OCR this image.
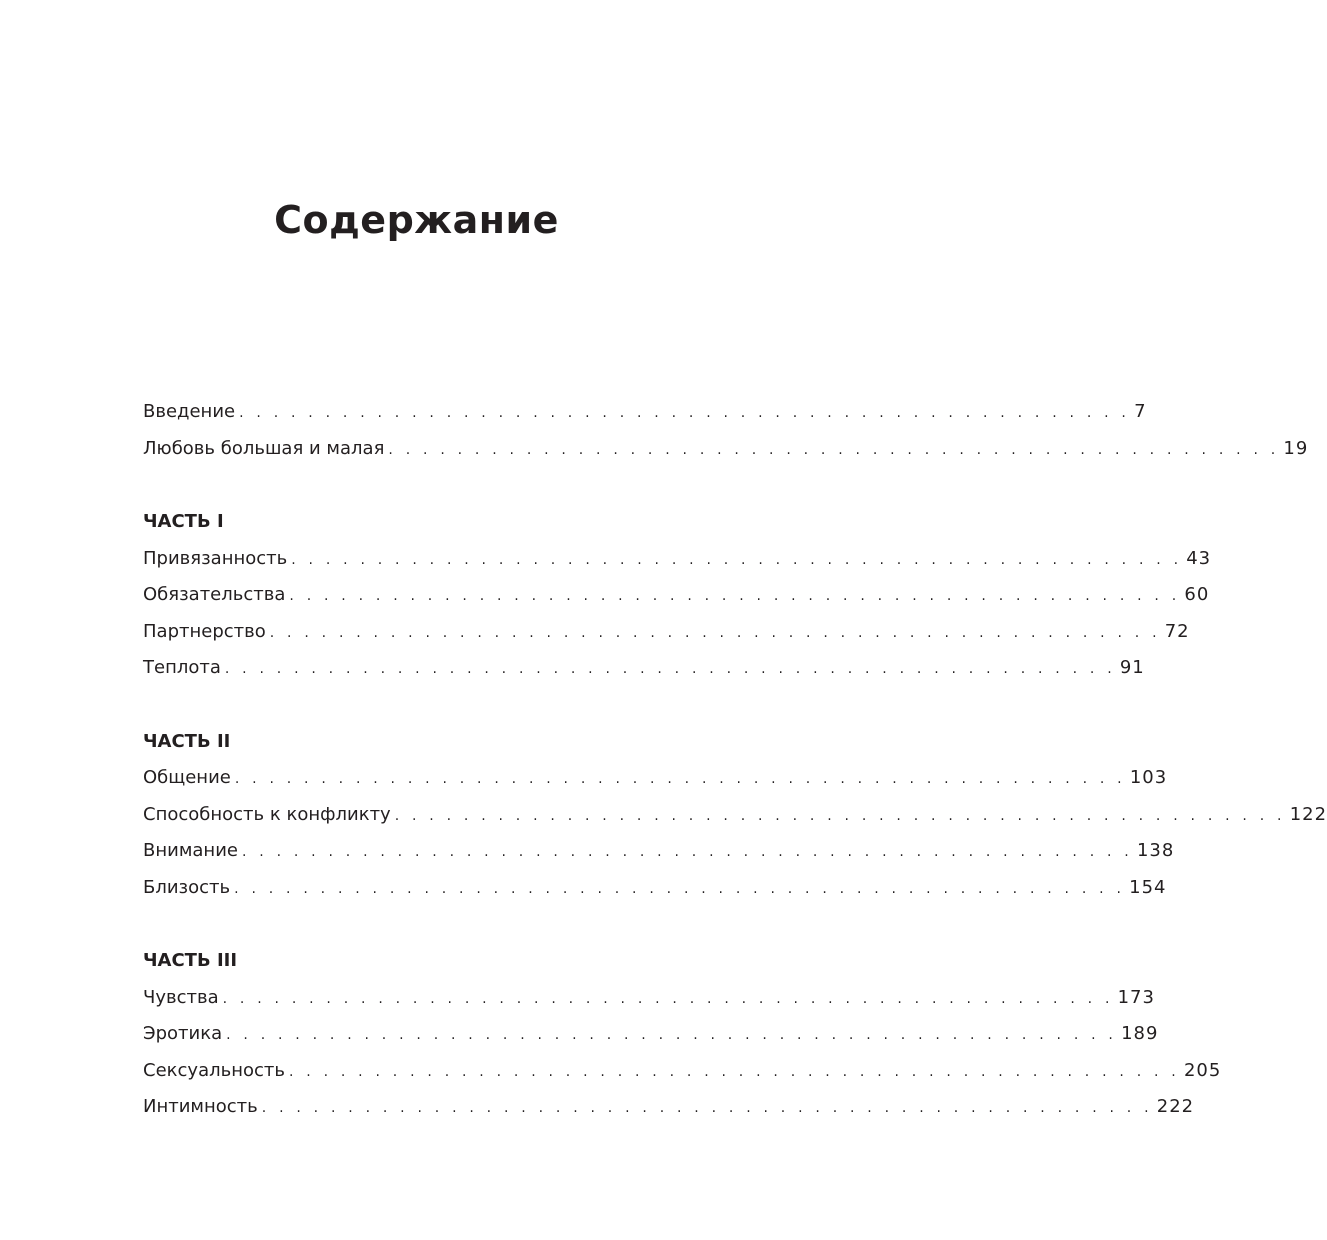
Содержание
Введение . . . . . . . . . . . . . . . . . . . . . . . . . . . . . . . . . . . . . . . . . . . . . . . . . . . . 7
Любовь большая и малая . . . . . . . . . . . . . . . . . . . . . . . . . . . . . . . . . . . . . . . . . . . . . . . . . . . . 19
ЧАСТЬ I
Привязанность . . . . . . . . . . . . . . . . . . . . . . . . . . . . . . . . . . . . . . . . . . . . . . . . . . . . 43
Обязательства . . . . . . . . . . . . . . . . . . . . . . . . . . . . . . . . . . . . . . . . . . . . . . . . . . . . 60
Партнерство . . . . . . . . . . . . . . . . . . . . . . . . . . . . . . . . . . . . . . . . . . . . . . . . . . . . 72
Теплота . . . . . . . . . . . . . . . . . . . . . . . . . . . . . . . . . . . . . . . . . . . . . . . . . . . . 91
ЧАСТЬ II
Общение . . . . . . . . . . . . . . . . . . . . . . . . . . . . . . . . . . . . . . . . . . . . . . . . . . . . 103
Способность к конфликту . . . . . . . . . . . . . . . . . . . . . . . . . . . . . . . . . . . . . . . . . . . . . . . . . . . . 122
Внимание . . . . . . . . . . . . . . . . . . . . . . . . . . . . . . . . . . . . . . . . . . . . . . . . . . . . 138
Близость . . . . . . . . . . . . . . . . . . . . . . . . . . . . . . . . . . . . . . . . . . . . . . . . . . . . 154
ЧАСТЬ III
Чувства . . . . . . . . . . . . . . . . . . . . . . . . . . . . . . . . . . . . . . . . . . . . . . . . . . . . 173
Эротика . . . . . . . . . . . . . . . . . . . . . . . . . . . . . . . . . . . . . . . . . . . . . . . . . . . . 189
Сексуальность . . . . . . . . . . . . . . . . . . . . . . . . . . . . . . . . . . . . . . . . . . . . . . . . . . . . 205
Интимность . . . . . . . . . . . . . . . . . . . . . . . . . . . . . . . . . . . . . . . . . . . . . . . . . . . . 222
